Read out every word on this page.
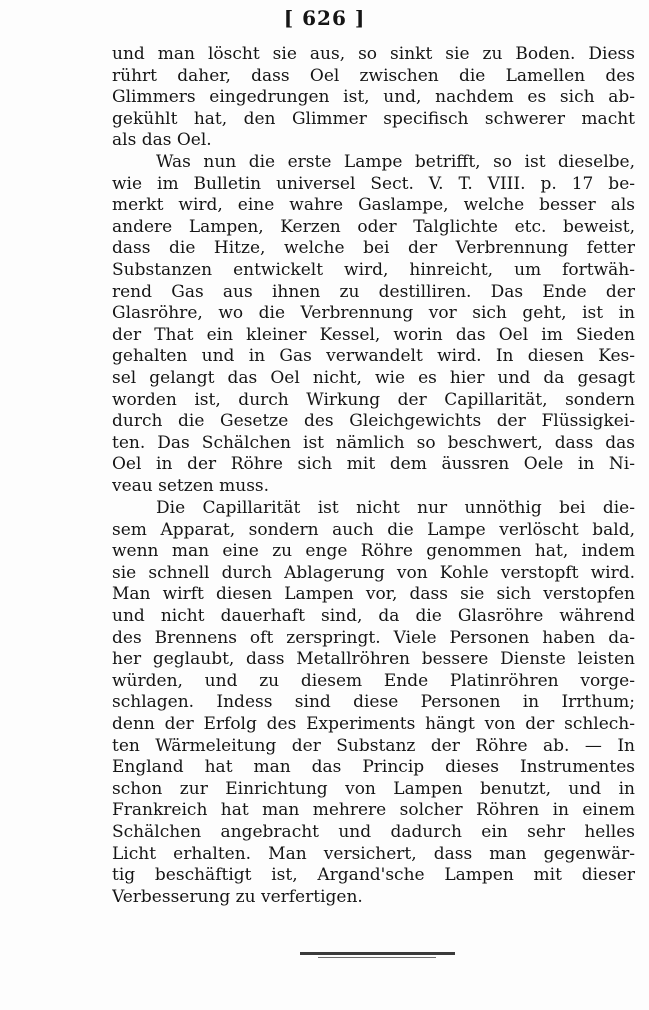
[ 626 ]
und man löscht sie aus, so sinkt sie zu Boden. Diess
rührt daher, dass Oel zwischen die Lamellen des
Glimmers eingedrungen ist, und, nachdem es sich ab-
gekühlt hat, den Glimmer specifisch schwerer macht
als das Oel.
Was nun die erste Lampe betrifft, so ist dieselbe,
wie im Bulletin universel Sect. V. T. VIII. p. 17 be-
merkt wird, eine wahre Gaslampe, welche besser als
andere Lampen, Kerzen oder Talglichte etc. beweist,
dass die Hitze, welche bei der Verbrennung fetter
Substanzen entwickelt wird, hinreicht, um fortwäh-
rend Gas aus ihnen zu destilliren. Das Ende der
Glasröhre, wo die Verbrennung vor sich geht, ist in
der That ein kleiner Kessel, worin das Oel im Sieden
gehalten und in Gas verwandelt wird. In diesen Kes-
sel gelangt das Oel nicht, wie es hier und da gesagt
worden ist, durch Wirkung der Capillarität, sondern
durch die Gesetze des Gleichgewichts der Flüssigkei-
ten. Das Schälchen ist nämlich so beschwert, dass das
Oel in der Röhre sich mit dem äussren Oele in Ni-
veau setzen muss.
Die Capillarität ist nicht nur unnöthig bei die-
sem Apparat, sondern auch die Lampe verlöscht bald,
wenn man eine zu enge Röhre genommen hat, indem
sie schnell durch Ablagerung von Kohle verstopft wird.
Man wirft diesen Lampen vor, dass sie sich verstopfen
und nicht dauerhaft sind, da die Glasröhre während
des Brennens oft zerspringt. Viele Personen haben da-
her geglaubt, dass Metallröhren bessere Dienste leisten
würden, und zu diesem Ende Platinröhren vorge-
schlagen. Indess sind diese Personen in Irrthum;
denn der Erfolg des Experiments hängt von der schlech-
ten Wärmeleitung der Substanz der Röhre ab. — In
England hat man das Princip dieses Instrumentes
schon zur Einrichtung von Lampen benutzt, und in
Frankreich hat man mehrere solcher Röhren in einem
Schälchen angebracht und dadurch ein sehr helles
Licht erhalten. Man versichert, dass man gegenwär-
tig beschäftigt ist, Argand'sche Lampen mit dieser
Verbesserung zu verfertigen.
